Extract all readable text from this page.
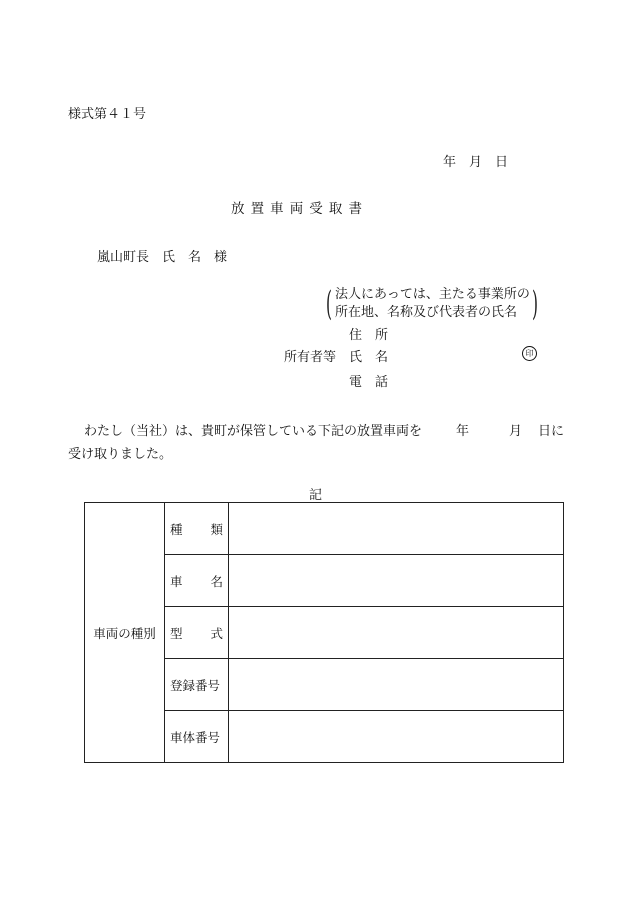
様式第４１号
年　月　日
放置車両受取書
嵐山町長　氏　名　様
( 法人にあっては、主たる事業所の
所在地、名称及び代表者の氏名 )
住　所
所有者等 氏　名	印
電　話
わたし（当社）は、貴町が保管している下記の放置車両を	年	月 日に
受け取りました。
記
車両の種別	種 類	

	車 名	

	型 式	

	登録番号	

	車体番号	
